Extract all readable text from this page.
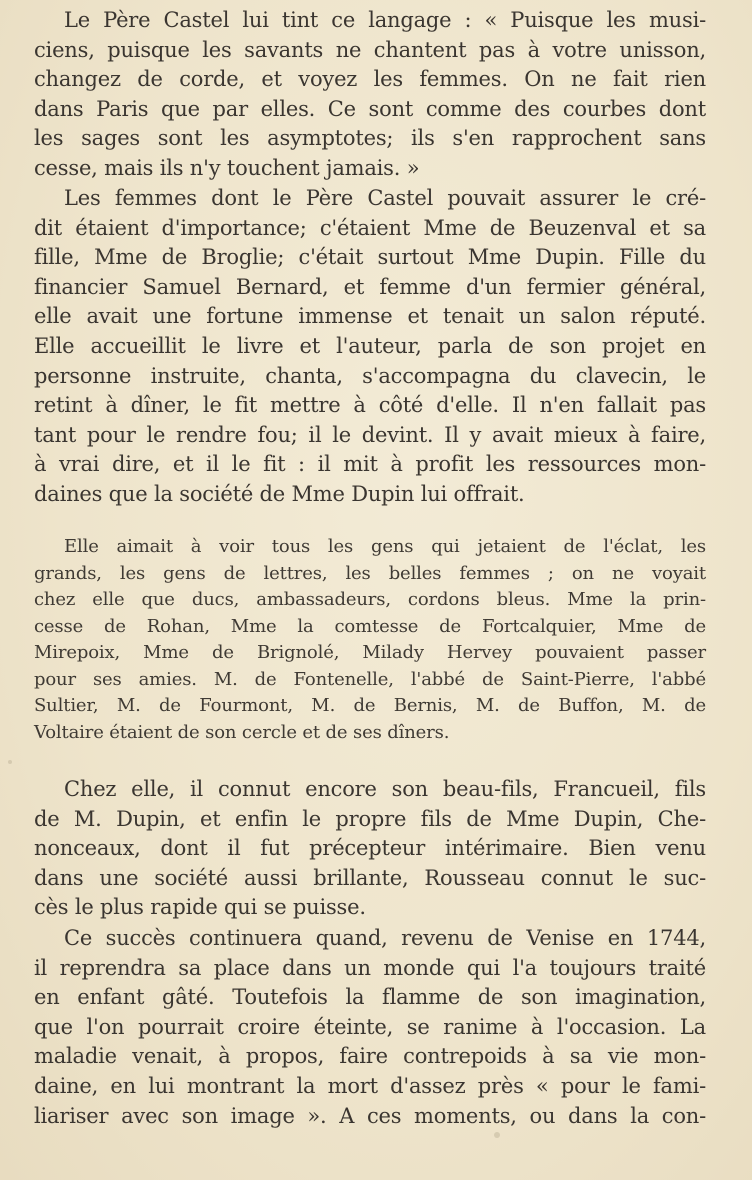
Le Père Castel lui tint ce langage : « Puisque les musi-

ciens, puisque les savants ne chantent pas à votre unisson,

changez de corde, et voyez les femmes. On ne fait rien

dans Paris que par elles. Ce sont comme des courbes dont

les sages sont les asymptotes; ils s'en rapprochent sans

cesse, mais ils n'y touchent jamais. »

Les femmes dont le Père Castel pouvait assurer le cré-

dit étaient d'importance; c'étaient Mme de Beuzenval et sa

fille, Mme de Broglie; c'était surtout Mme Dupin. Fille du

financier Samuel Bernard, et femme d'un fermier général,

elle avait une fortune immense et tenait un salon réputé.

Elle accueillit le livre et l'auteur, parla de son projet en

personne instruite, chanta, s'accompagna du clavecin, le

retint à dîner, le fit mettre à côté d'elle. Il n'en fallait pas

tant pour le rendre fou; il le devint. Il y avait mieux à faire,

à vrai dire, et il le fit : il mit à profit les ressources mon-

daines que la société de Mme Dupin lui offrait.

Elle aimait à voir tous les gens qui jetaient de l'éclat, les

grands, les gens de lettres, les belles femmes ; on ne voyait

chez elle que ducs, ambassadeurs, cordons bleus. Mme la prin-

cesse de Rohan, Mme la comtesse de Fortcalquier, Mme de

Mirepoix, Mme de Brignolé, Milady Hervey pouvaient passer

pour ses amies. M. de Fontenelle, l'abbé de Saint-Pierre, l'abbé

Sultier, M. de Fourmont, M. de Bernis, M. de Buffon, M. de

Voltaire étaient de son cercle et de ses dîners.

Chez elle, il connut encore son beau-fils, Francueil, fils

de M. Dupin, et enfin le propre fils de Mme Dupin, Che-

nonceaux, dont il fut précepteur intérimaire. Bien venu

dans une société aussi brillante, Rousseau connut le suc-

cès le plus rapide qui se puisse.

Ce succès continuera quand, revenu de Venise en 1744,

il reprendra sa place dans un monde qui l'a toujours traité

en enfant gâté. Toutefois la flamme de son imagination,

que l'on pourrait croire éteinte, se ranime à l'occasion. La

maladie venait, à propos, faire contrepoids à sa vie mon-

daine, en lui montrant la mort d'assez près « pour le fami-

liariser avec son image ». A ces moments, ou dans la con-
